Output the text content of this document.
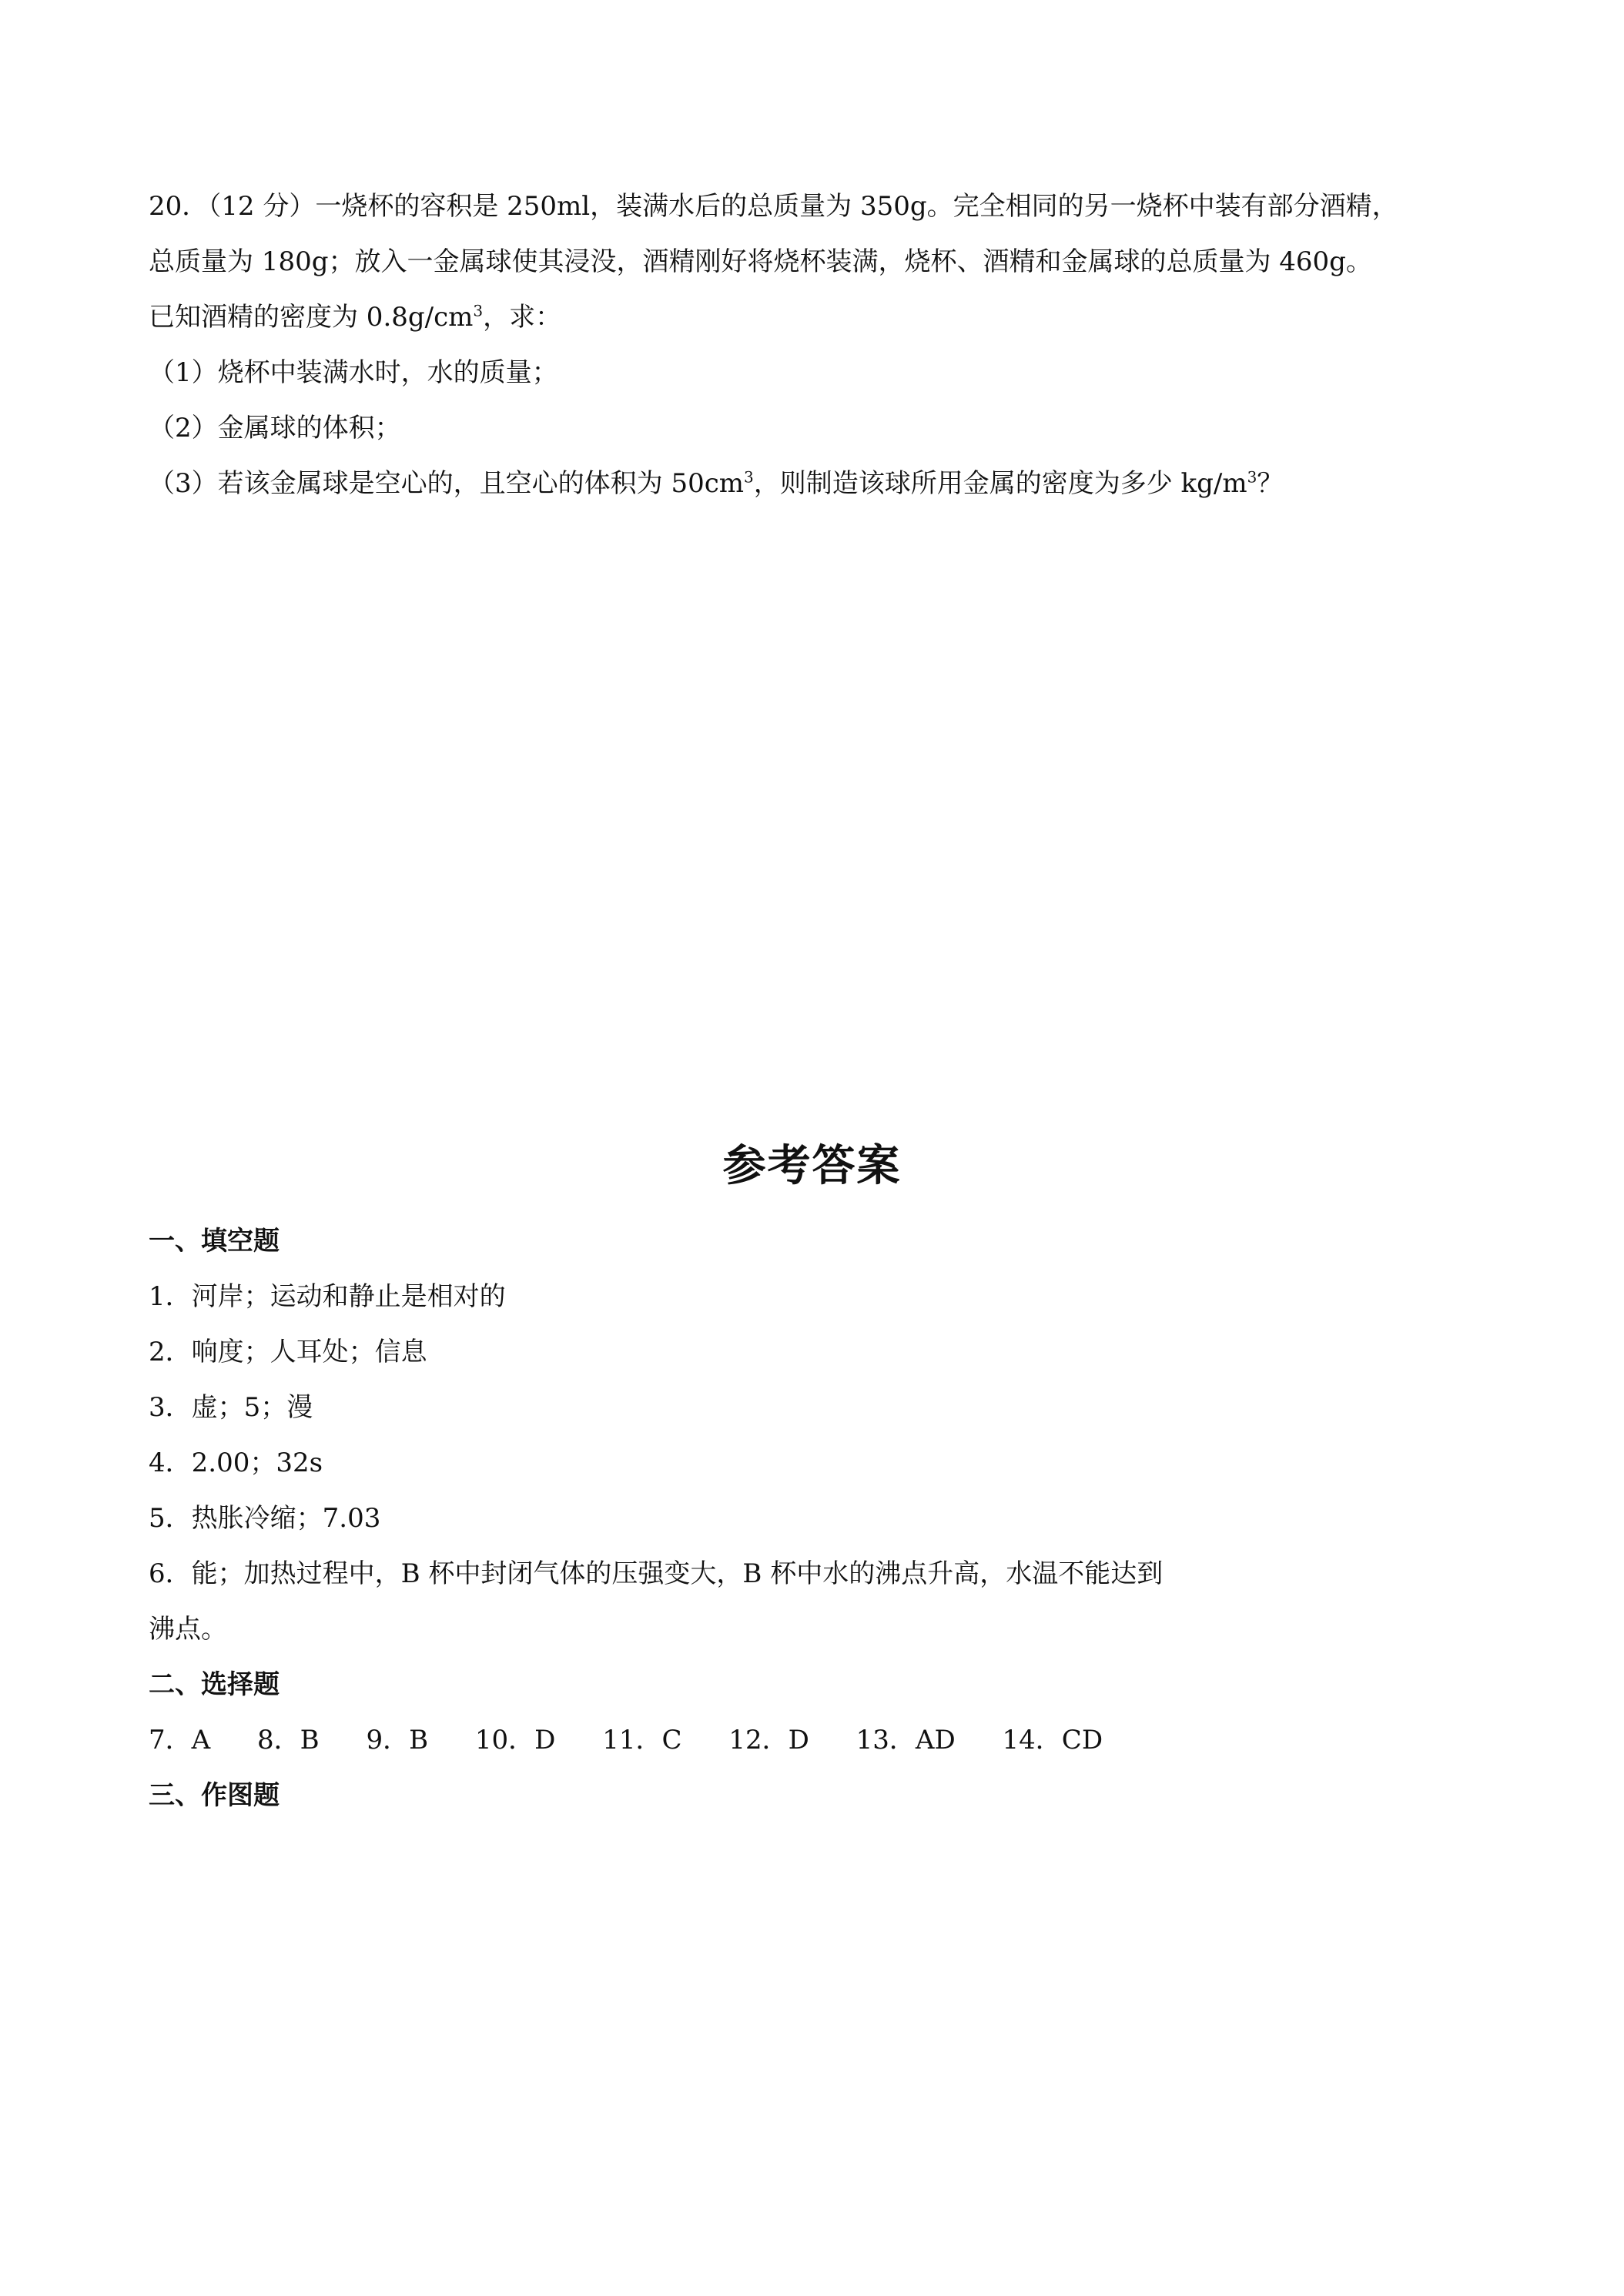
20．（12 分）一烧杯的容积是 250ml，装满水后的总质量为 350g。完全相同的另一烧杯中装有部分酒精，
总质量为 180g；放入一金属球使其浸没，酒精刚好将烧杯装满，烧杯、酒精和金属球的总质量为 460g。
已知酒精的密度为 $0.8g/cm^3$，求：
（1）烧杯中装满水时，水的质量；
（2）金属球的体积；
（3）若该金属球是空心的，且空心的体积为 $50cm^3$，则制造该球所用金属的密度为多少 $kg/m^3$？
参考答案
一、填空题
1．河岸；运动和静止是相对的
2．响度；人耳处；信息
3．虚；5；漫
4．2.00；32s
5．热胀冷缩；7.03
6．能；加热过程中，B 杯中封闭气体的压强变大，B 杯中水的沸点升高，水温不能达到
沸点。
二、选择题
7．A 8．B 9．B 10．D 11．C 12．D 13．AD 14．CD
三、作图题
